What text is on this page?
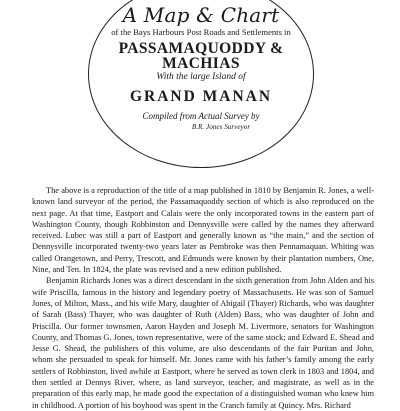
A Map & Chart
of the Bays Harbours Post Roads and Settlements in
PASSAMAQUODDY & MACHIAS
With the large Island of
GRAND MANAN
Compiled from Actual Survey by
B.R. Jones Surveyor

The above is a reproduction of the title of a map published in 1810 by Benjamin R. Jones, a well-known land surveyor of the period, the Passamaquoddy section of which is also reproduced on the next page. At that time, Eastport and Calais were the only incorporated towns in the eastern part of Washington County, though Robbinston and Dennysville were called by the names they afterward received. Lubec was still a part of Eastport and generally known as “the main,” and the section of Dennysville incorporated twenty-two years later as Pembroke was then Pennamaquan. Whiting was called Orangetown, and Perry, Trescott, and Edmunds were known by their plantation numbers, One, Nine, and Ten. In 1824, the plate was revised and a new edition published.

Benjamin Richards Jones was a direct descendant in the sixth generation from John Alden and his wife Priscilla, famous in the history and legendary poetry of Massachusetts. He was son of Samuel Jones, of Milton, Mass., and his wife Mary, daughter of Abigail (Thayer) Richards, who was daughter of Sarah (Bass) Thayer, who was daughter of Ruth (Alden) Bass, who was daughter of John and Priscilla. Our former townsmen, Aaron Hayden and Joseph M. Livermore, senators for Washington County, and Thomas G. Jones, town representative, were of the same stock; and Edward E. Shead and Jesse G. Shead, the publishers of this volume, are also descendants of the fair Puritan and John, whom she persuaded to speak for himself. Mr. Jones came with his father’s family among the early settlers of Robbinston, lived awhile at Eastport, where he served as town clerk in 1803 and 1804, and then settled at Dennys River, where, as land surveyor, teacher, and magistrate, as well as in the preparation of this early map, he made good the expectation of a distinguished woman who knew him in childhood. A portion of his boyhood was spent in the Cranch family at Quincy. Mrs. Richard
